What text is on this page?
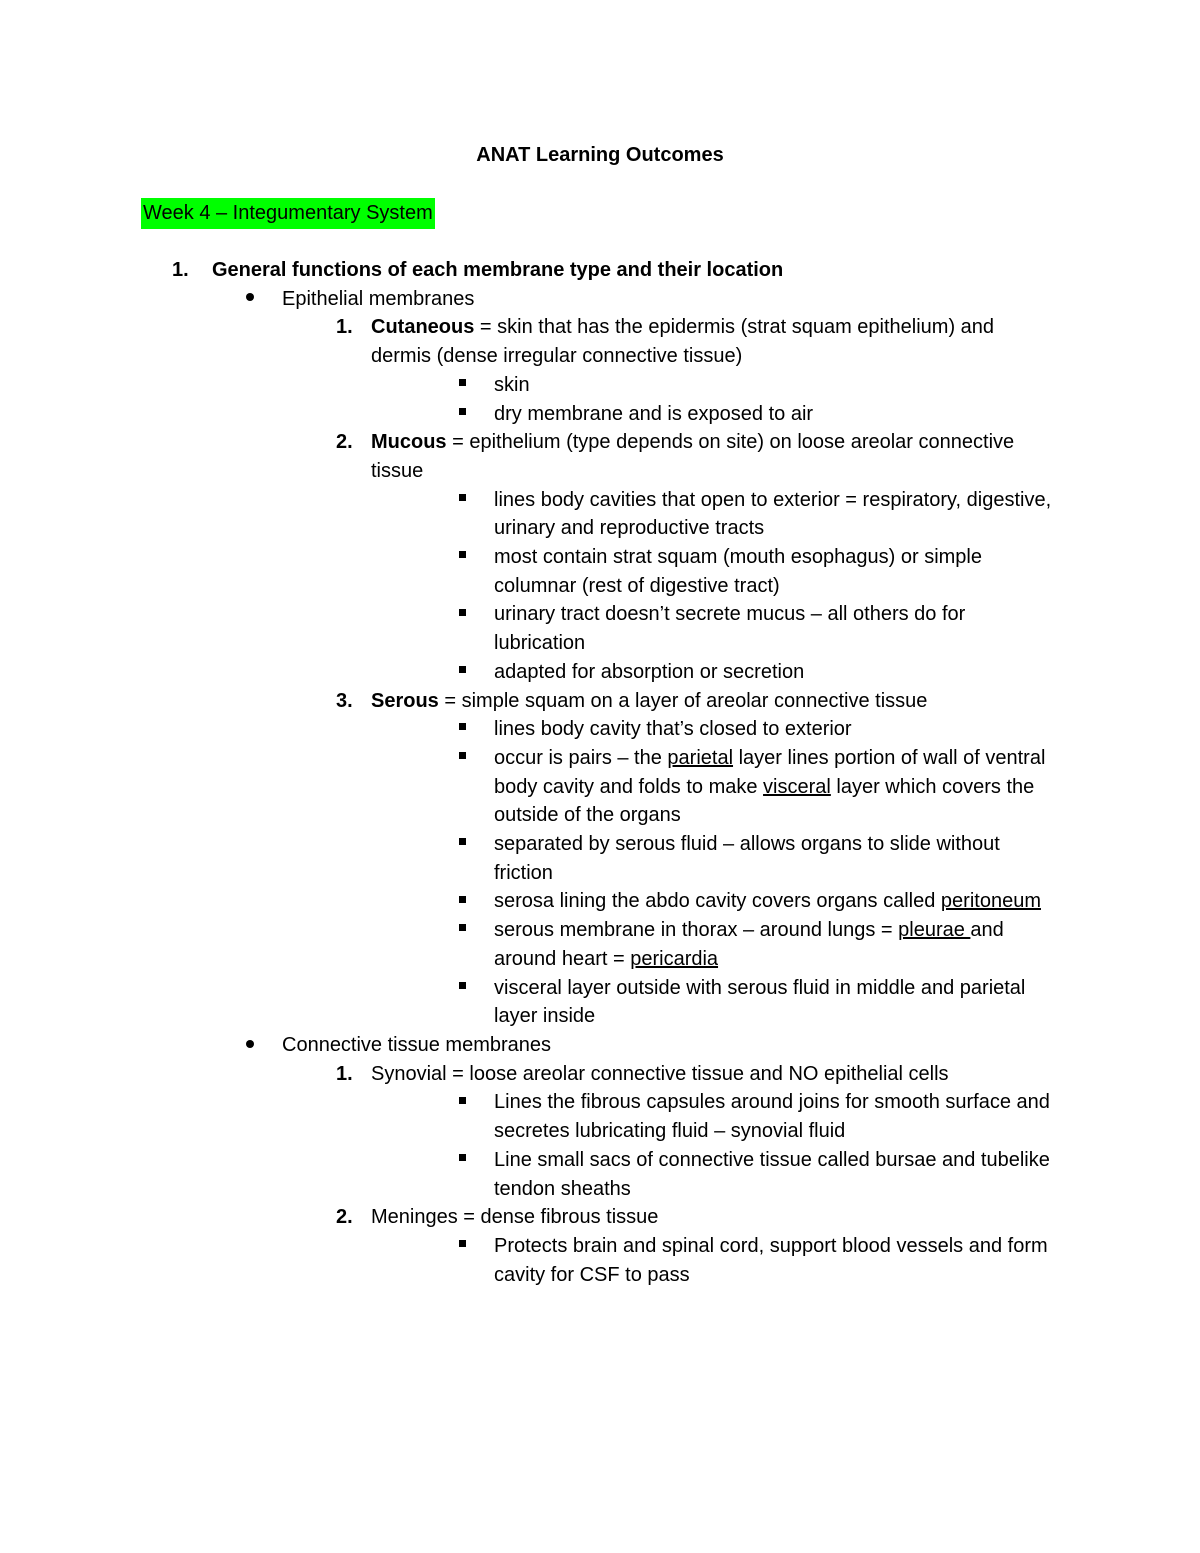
ANAT Learning Outcomes
Week 4 – Integumentary System
1.	General functions of each membrane type and their location
Epithelial membranes
1. Cutaneous = skin that has the epidermis (strat squam epithelium) and dermis (dense irregular connective tissue)
skin
dry membrane and is exposed to air
2. Mucous = epithelium (type depends on site) on loose areolar connective tissue
lines body cavities that open to exterior = respiratory, digestive, urinary and reproductive tracts
most contain strat squam (mouth esophagus) or simple columnar (rest of digestive tract)
urinary tract doesn’t secrete mucus – all others do for lubrication
adapted for absorption or secretion
3. Serous = simple squam on a layer of areolar connective tissue
lines body cavity that’s closed to exterior
occur is pairs – the parietal layer lines portion of wall of ventral body cavity and folds to make visceral layer which covers the outside of the organs
separated by serous fluid – allows organs to slide without friction
serosa lining the abdo cavity covers organs called peritoneum
serous membrane in thorax – around lungs = pleurae and around heart = pericardia
visceral layer outside with serous fluid in middle and parietal layer inside
Connective tissue membranes
1. Synovial = loose areolar connective tissue and NO epithelial cells
Lines the fibrous capsules around joins for smooth surface and secretes lubricating fluid – synovial fluid
Line small sacs of connective tissue called bursae and tubelike tendon sheaths
2. Meninges = dense fibrous tissue
Protects brain and spinal cord, support blood vessels and form cavity for CSF to pass
